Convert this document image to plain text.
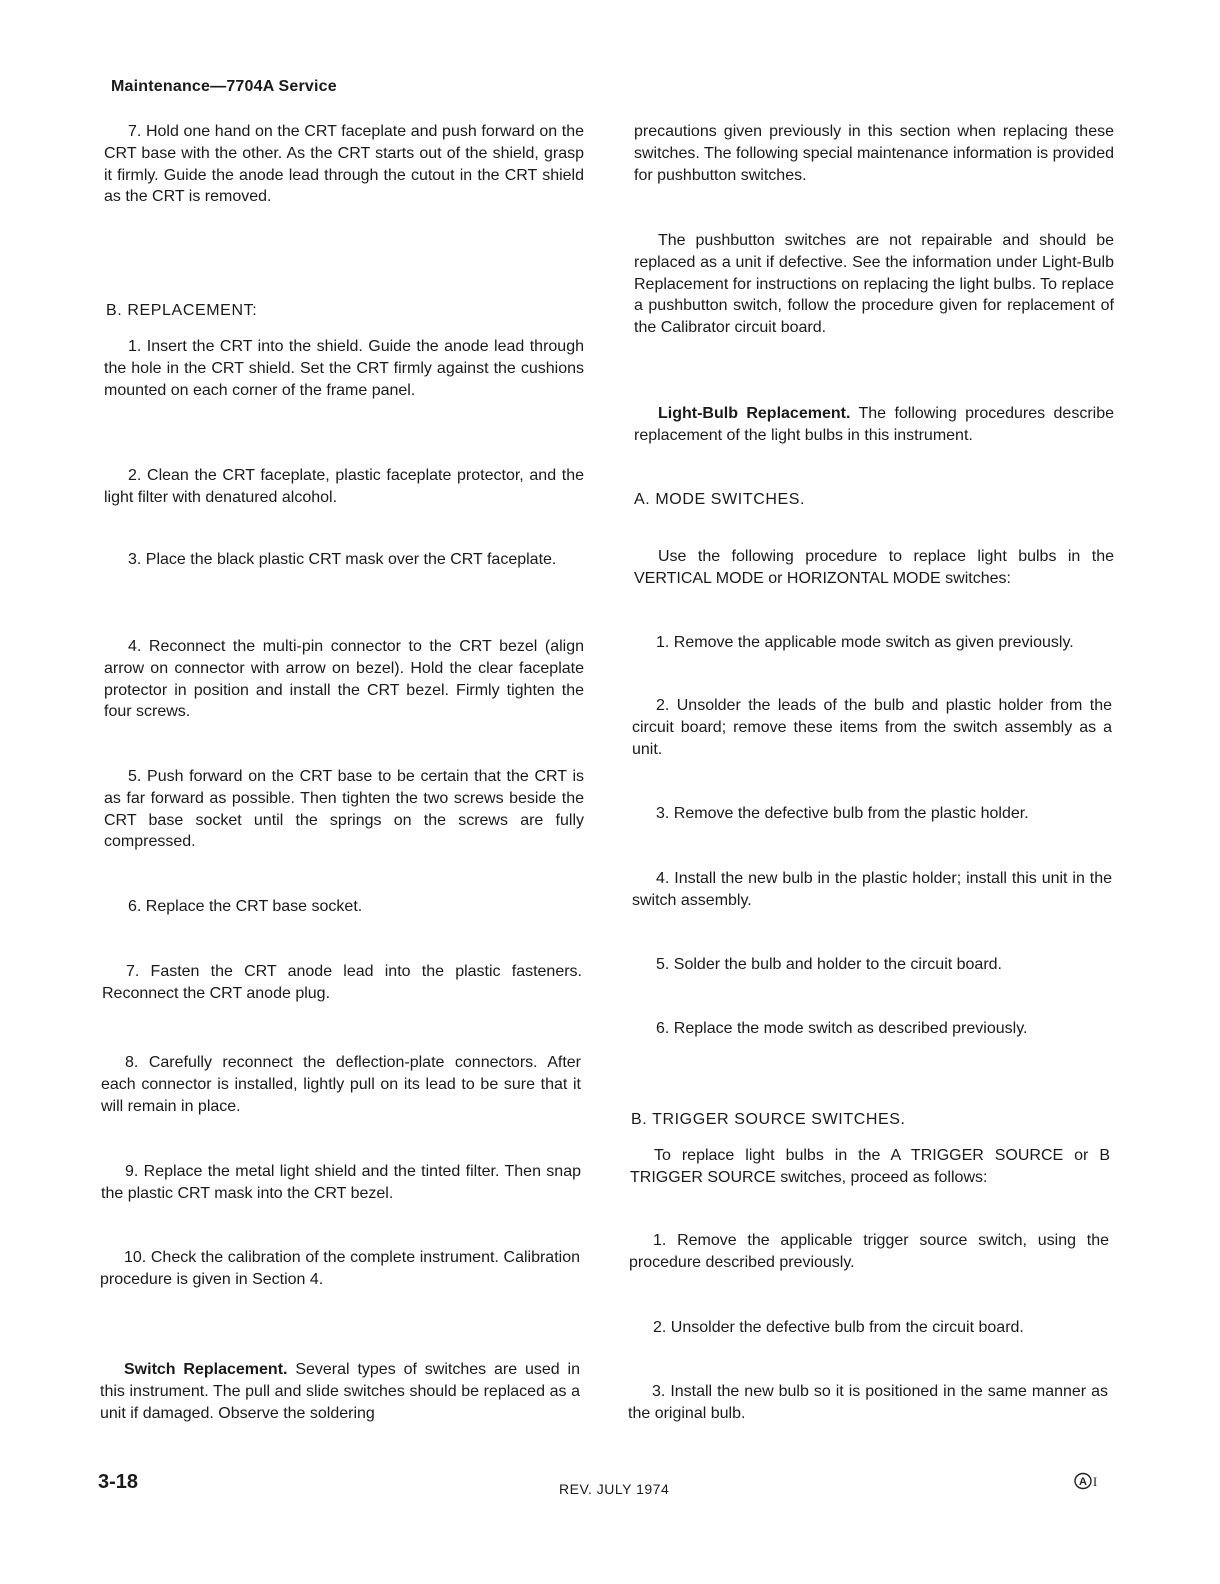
Maintenance—7704A Service

7. Hold one hand on the CRT faceplate and push forward on the CRT base with the other. As the CRT starts out of the shield, grasp it firmly. Guide the anode lead through the cutout in the CRT shield as the CRT is removed.

B. REPLACEMENT:

1. Insert the CRT into the shield. Guide the anode lead through the hole in the CRT shield. Set the CRT firmly against the cushions mounted on each corner of the frame panel.

2. Clean the CRT faceplate, plastic faceplate protector, and the light filter with denatured alcohol.

3. Place the black plastic CRT mask over the CRT faceplate.

4. Reconnect the multi-pin connector to the CRT bezel (align arrow on connector with arrow on bezel). Hold the clear faceplate protector in position and install the CRT bezel. Firmly tighten the four screws.

5. Push forward on the CRT base to be certain that the CRT is as far forward as possible. Then tighten the two screws beside the CRT base socket until the springs on the screws are fully compressed.

6. Replace the CRT base socket.

7. Fasten the CRT anode lead into the plastic fasteners. Reconnect the CRT anode plug.

8. Carefully reconnect the deflection-plate connectors. After each connector is installed, lightly pull on its lead to be sure that it will remain in place.

9. Replace the metal light shield and the tinted filter. Then snap the plastic CRT mask into the CRT bezel.

10. Check the calibration of the complete instrument. Calibration procedure is given in Section 4.

Switch Replacement. Several types of switches are used in this instrument. The pull and slide switches should be replaced as a unit if damaged. Observe the soldering

precautions given previously in this section when replacing these switches. The following special maintenance information is provided for pushbutton switches.

The pushbutton switches are not repairable and should be replaced as a unit if defective. See the information under Light-Bulb Replacement for instructions on replacing the light bulbs. To replace a pushbutton switch, follow the procedure given for replacement of the Calibrator circuit board.

Light-Bulb Replacement. The following procedures describe replacement of the light bulbs in this instrument.

A. MODE SWITCHES.

Use the following procedure to replace light bulbs in the VERTICAL MODE or HORIZONTAL MODE switches:

1. Remove the applicable mode switch as given previously.

2. Unsolder the leads of the bulb and plastic holder from the circuit board; remove these items from the switch assembly as a unit.

3. Remove the defective bulb from the plastic holder.

4. Install the new bulb in the plastic holder; install this unit in the switch assembly.

5. Solder the bulb and holder to the circuit board.

6. Replace the mode switch as described previously.

B. TRIGGER SOURCE SWITCHES.

To replace light bulbs in the A TRIGGER SOURCE or B TRIGGER SOURCE switches, proceed as follows:

1. Remove the applicable trigger source switch, using the procedure described previously.

2. Unsolder the defective bulb from the circuit board.

3. Install the new bulb so it is positioned in the same manner as the original bulb.

3-18	REV. JULY 1974	A I
